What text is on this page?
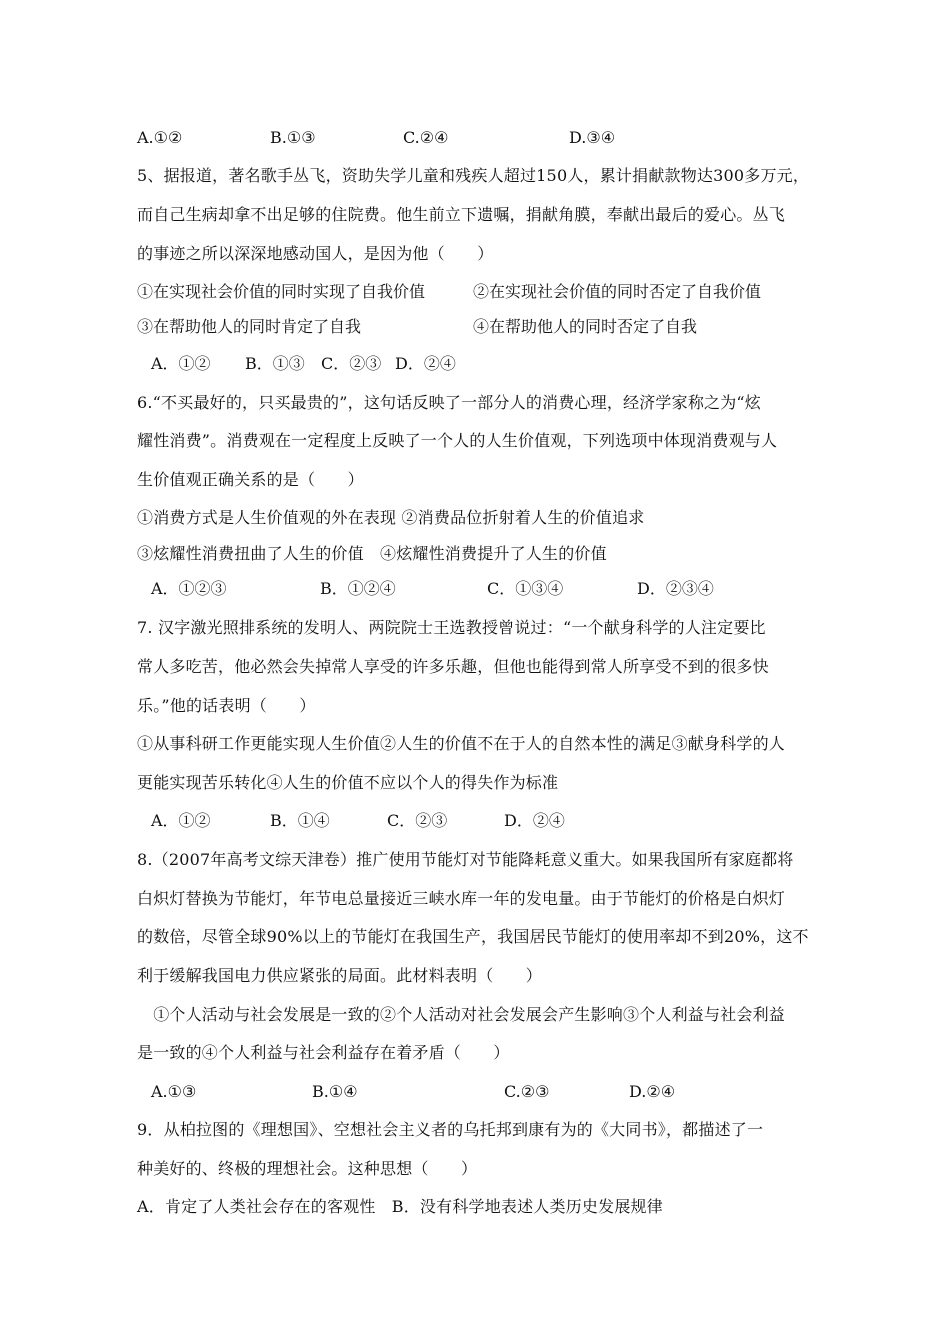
A.①②	B.①③	C.②④	D.③④
5、据报道，著名歌手丛飞，资助失学儿童和残疾人超过150人，累计捐献款物达300多万元，
而自己生病却拿不出足够的住院费。他生前立下遗嘱，捐献角膜，奉献出最后的爱心。丛飞
的事迹之所以深深地感动国人，是因为他（　　）
①在实现社会价值的同时实现了自我价值	②在实现社会价值的同时否定了自我价值
③在帮助他人的同时肯定了自我	④在帮助他人的同时否定了自我
A．①② B．①③ C．②③ D．②④
6.“不买最好的，只买最贵的”，这句话反映了一部分人的消费心理，经济学家称之为“炫
耀性消费”。消费观在一定程度上反映了一个人的人生价值观，下列选项中体现消费观与人
生价值观正确关系的是（　　）
①消费方式是人生价值观的外在表现 ②消费品位折射着人生的价值追求
③炫耀性消费扭曲了人生的价值　④炫耀性消费提升了人生的价值
A．①②③	B．①②④	C．①③④	D．②③④
7. 汉字激光照排系统的发明人、两院院士王选教授曾说过：“一个献身科学的人注定要比
常人多吃苦，他必然会失掉常人享受的许多乐趣，但他也能得到常人所享受不到的很多快
乐。”他的话表明（　　）
①从事科研工作更能实现人生价值②人生的价值不在于人的自然本性的满足③献身科学的人
更能实现苦乐转化④人生的价值不应以个人的得失作为标准
A．①②	B．①④	C．②③	D．②④
8.（2007年高考文综天津卷）推广使用节能灯对节能降耗意义重大。如果我国所有家庭都将
白炽灯替换为节能灯，年节电总量接近三峡水库一年的发电量。由于节能灯的价格是白炽灯
的数倍，尽管全球90%以上的节能灯在我国生产，我国居民节能灯的使用率却不到20%，这不
利于缓解我国电力供应紧张的局面。此材料表明（　　）
　①个人活动与社会发展是一致的②个人活动对社会发展会产生影响③个人利益与社会利益
是一致的④个人利益与社会利益存在着矛盾（　　）
A.①③	B.①④	C.②③	D.②④
9．从柏拉图的《理想国》、空想社会主义者的乌托邦到康有为的《大同书》，都描述了一
种美好的、终极的理想社会。这种思想（　　）
A．肯定了人类社会存在的客观性　B．没有科学地表述人类历史发展规律
